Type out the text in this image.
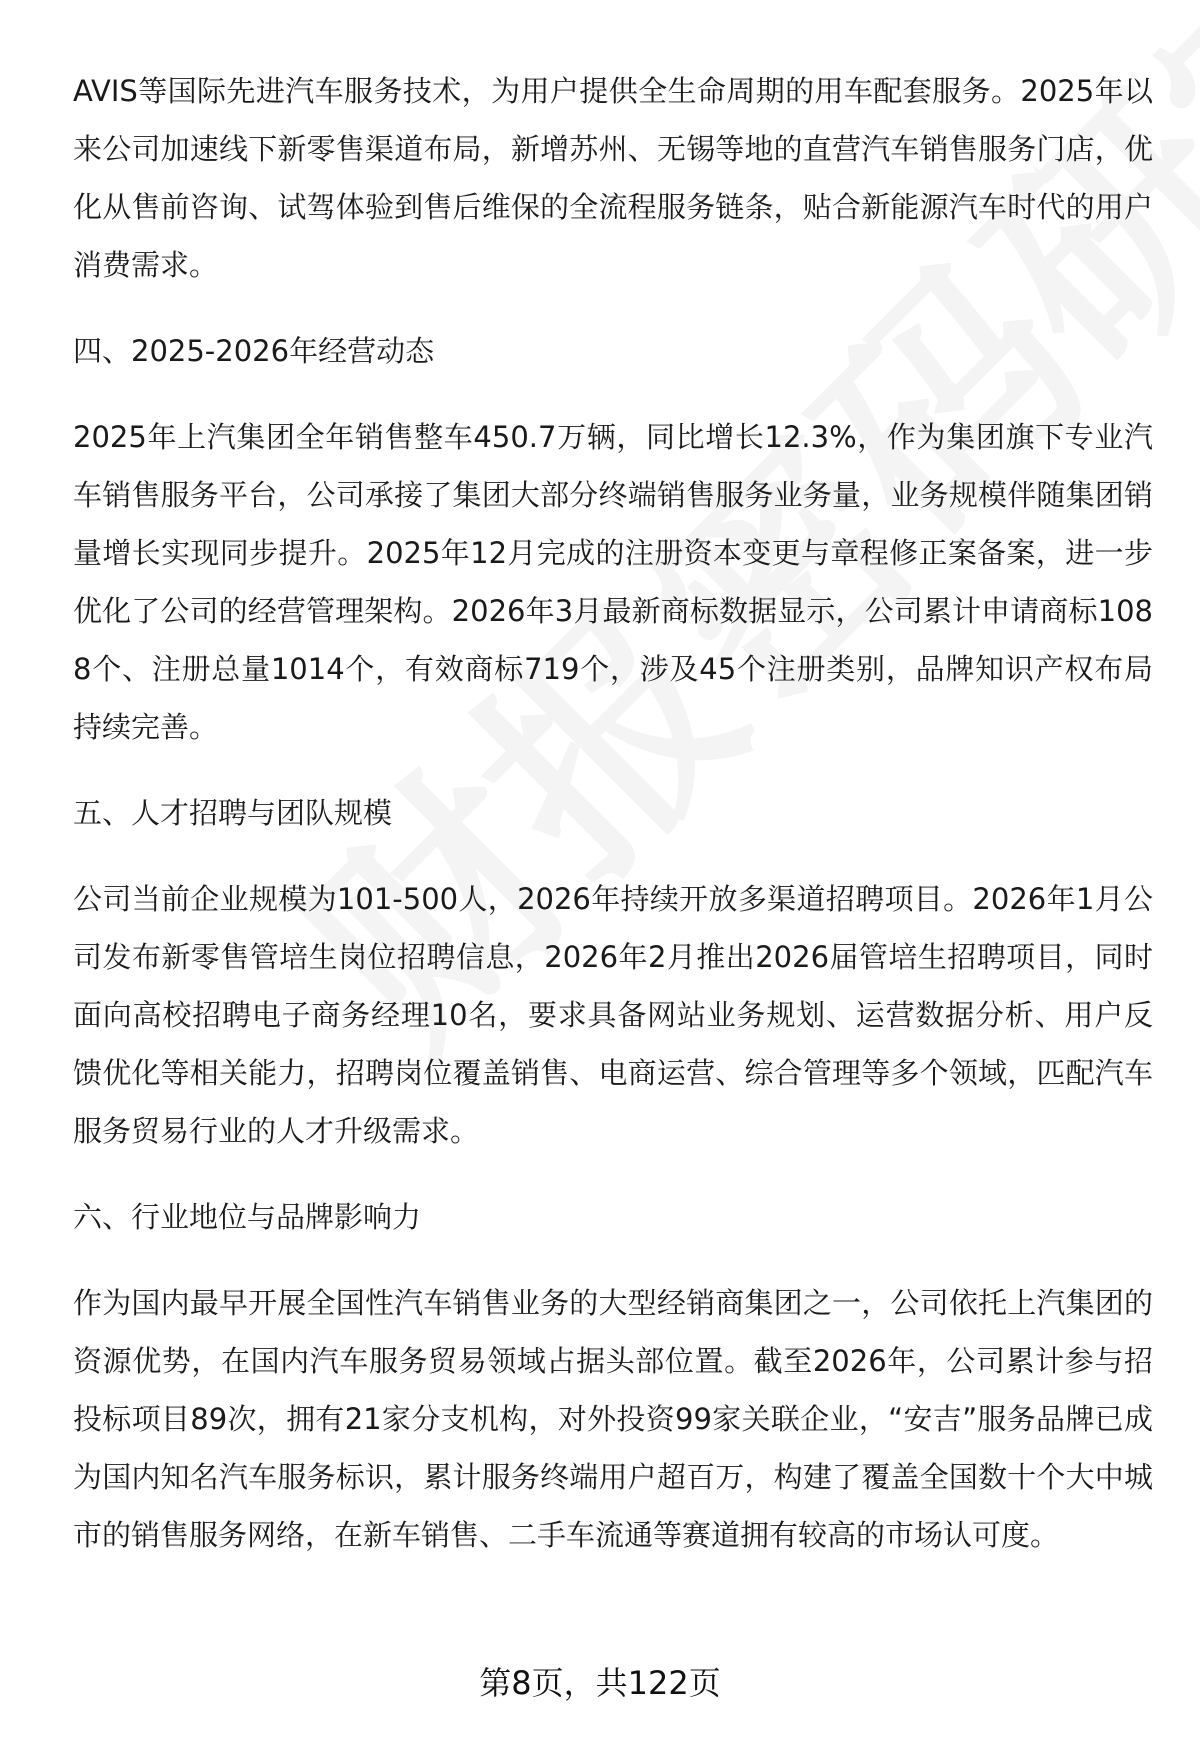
AVIS等国际先进汽车服务技术，为用户提供全生命周期的用车配套服务。2025年以来公司加速线下新零售渠道布局，新增苏州、无锡等地的直营汽车销售服务门店，优化从售前咨询、试驾体验到售后维保的全流程服务链条，贴合新能源汽车时代的用户消费需求。

四、2025-2026年经营动态

2025年上汽集团全年销售整车450.7万辆，同比增长12.3%，作为集团旗下专业汽车销售服务平台，公司承接了集团大部分终端销售服务业务量，业务规模伴随集团销量增长实现同步提升。2025年12月完成的注册资本变更与章程修正案备案，进一步优化了公司的经营管理架构。2026年3月最新商标数据显示，公司累计申请商标1088个、注册总量1014个，有效商标719个，涉及45个注册类别，品牌知识产权布局持续完善。

五、人才招聘与团队规模

公司当前企业规模为101-500人，2026年持续开放多渠道招聘项目。2026年1月公司发布新零售管培生岗位招聘信息，2026年2月推出2026届管培生招聘项目，同时面向高校招聘电子商务经理10名，要求具备网站业务规划、运营数据分析、用户反馈优化等相关能力，招聘岗位覆盖销售、电商运营、综合管理等多个领域，匹配汽车服务贸易行业的人才升级需求。

六、行业地位与品牌影响力

作为国内最早开展全国性汽车销售业务的大型经销商集团之一，公司依托上汽集团的资源优势，在国内汽车服务贸易领域占据头部位置。截至2026年，公司累计参与招投标项目89次，拥有21家分支机构，对外投资99家关联企业，“安吉”服务品牌已成为国内知名汽车服务标识，累计服务终端用户超百万，构建了覆盖全国数十个大中城市的销售服务网络，在新车销售、二手车流通等赛道拥有较高的市场认可度。

第8页，共122页
